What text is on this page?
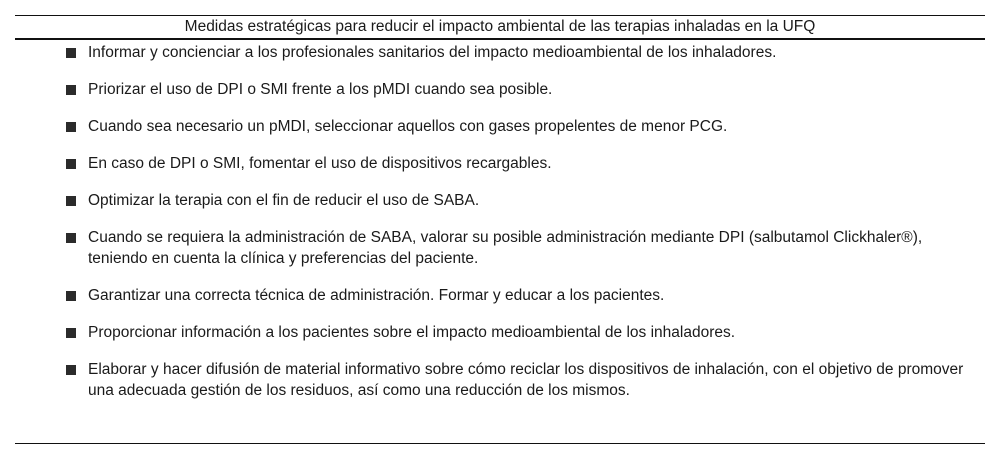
Medidas estratégicas para reducir el impacto ambiental de las terapias inhaladas en la UFQ
Informar y concienciar a los profesionales sanitarios del impacto medioambiental de los inhaladores.
Priorizar el uso de DPI o SMI frente a los pMDI cuando sea posible.
Cuando sea necesario un pMDI, seleccionar aquellos con gases propelentes de menor PCG.
En caso de DPI o SMI, fomentar el uso de dispositivos recargables.
Optimizar la terapia con el fin de reducir el uso de SABA.
Cuando se requiera la administración de SABA, valorar su posible administración mediante DPI (salbutamol Clickhaler®), teniendo en cuenta la clínica y preferencias del paciente.
Garantizar una correcta técnica de administración. Formar y educar a los pacientes.
Proporcionar información a los pacientes sobre el impacto medioambiental de los inhaladores.
Elaborar y hacer difusión de material informativo sobre cómo reciclar los dispositivos de inhalación, con el objetivo de promover una adecuada gestión de los residuos, así como una reducción de los mismos.
